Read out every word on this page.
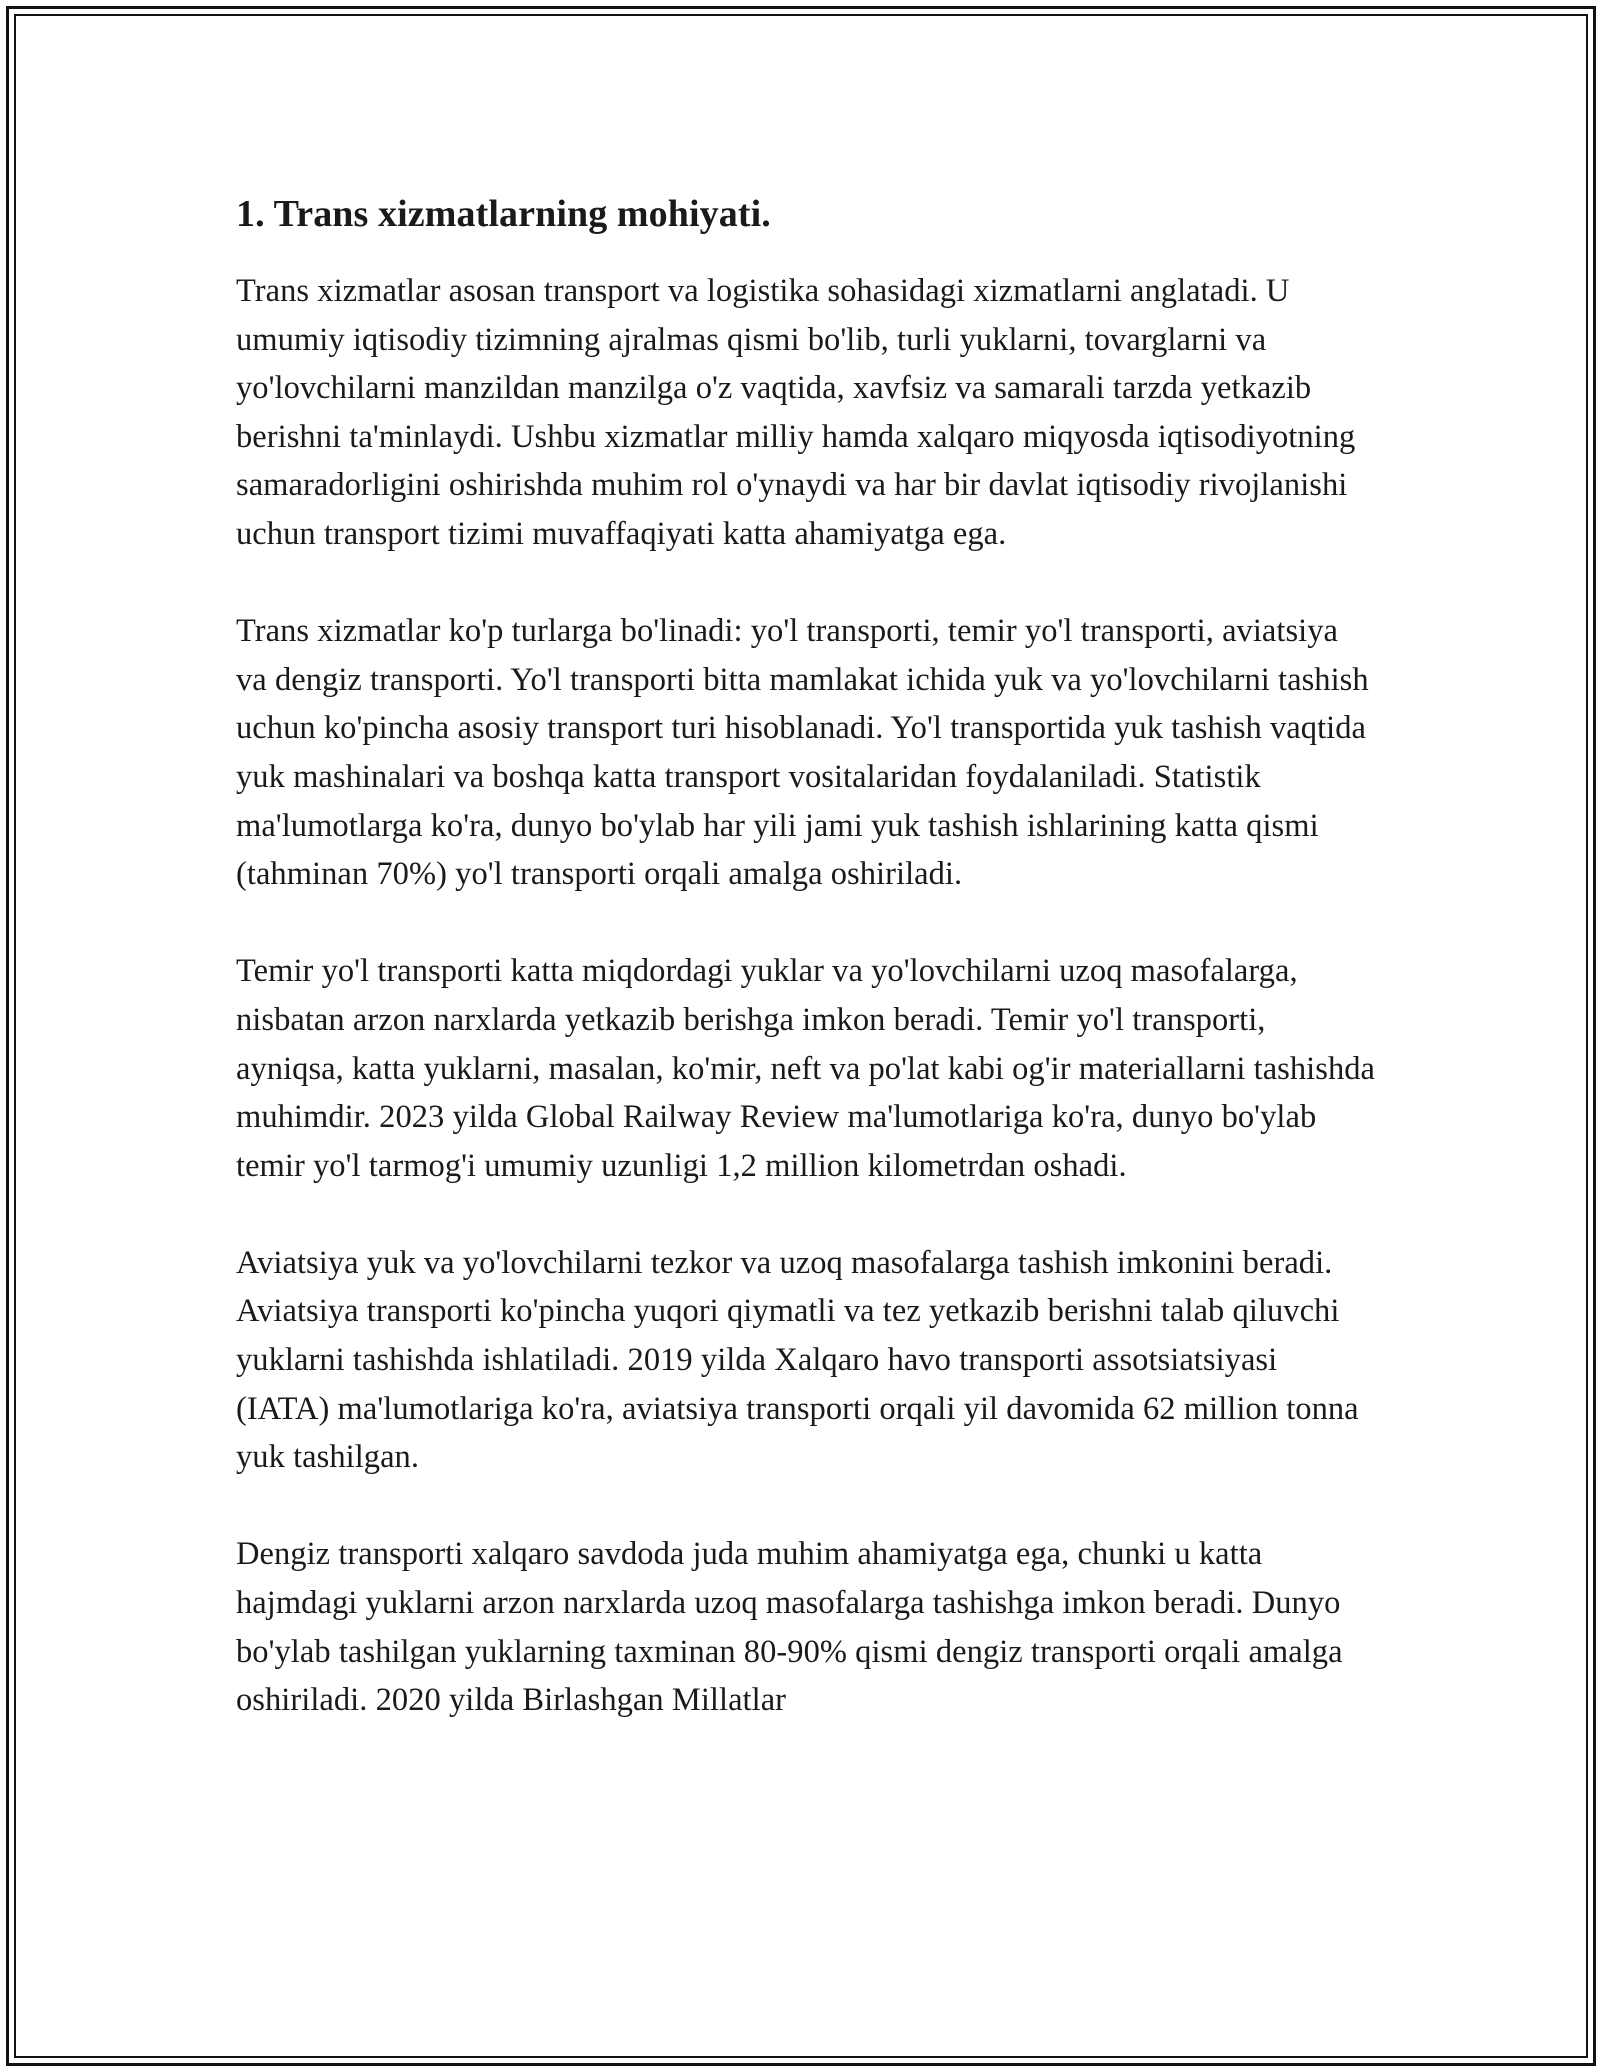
1. Trans xizmatlarning mohiyati.

Trans xizmatlar asosan transport va logistika sohasidagi xizmatlarni anglatadi. U umumiy iqtisodiy tizimning ajralmas qismi bo'lib, turli yuklarni, tovarglarni va yo'lovchilarni manzildan manzilga o'z vaqtida, xavfsiz va samarali tarzda yetkazib berishni ta'minlaydi. Ushbu xizmatlar milliy hamda xalqaro miqyosda iqtisodiyotning samaradorligini oshirishda muhim rol o'ynaydi va har bir davlat iqtisodiy rivojlanishi uchun transport tizimi muvaffaqiyati katta ahamiyatga ega.

Trans xizmatlar ko'p turlarga bo'linadi: yo'l transporti, temir yo'l transporti, aviatsiya va dengiz transporti. Yo'l transporti bitta mamlakat ichida yuk va yo'lovchilarni tashish uchun ko'pincha asosiy transport turi hisoblanadi. Yo'l transportida yuk tashish vaqtida yuk mashinalari va boshqa katta transport vositalaridan foydalaniladi. Statistik ma'lumotlarga ko'ra, dunyo bo'ylab har yili jami yuk tashish ishlarining katta qismi (tahminan 70%) yo'l transporti orqali amalga oshiriladi.

Temir yo'l transporti katta miqdordagi yuklar va yo'lovchilarni uzoq masofalarga, nisbatan arzon narxlarda yetkazib berishga imkon beradi. Temir yo'l transporti, ayniqsa, katta yuklarni, masalan, ko'mir, neft va po'lat kabi og'ir materiallarni tashishda muhimdir. 2023 yilda Global Railway Review ma'lumotlariga ko'ra, dunyo bo'ylab temir yo'l tarmog'i umumiy uzunligi 1,2 million kilometrdan oshadi.

Aviatsiya yuk va yo'lovchilarni tezkor va uzoq masofalarga tashish imkonini beradi. Aviatsiya transporti ko'pincha yuqori qiymatli va tez yetkazib berishni talab qiluvchi yuklarni tashishda ishlatiladi. 2019 yilda Xalqaro havo transporti assotsiatsiyasi (IATA) ma'lumotlariga ko'ra, aviatsiya transporti orqali yil davomida 62 million tonna yuk tashilgan.

Dengiz transporti xalqaro savdoda juda muhim ahamiyatga ega, chunki u katta hajmdagi yuklarni arzon narxlarda uzoq masofalarga tashishga imkon beradi. Dunyo bo'ylab tashilgan yuklarning taxminan 80-90% qismi dengiz transporti orqali amalga oshiriladi. 2020 yilda Birlashgan Millatlar
